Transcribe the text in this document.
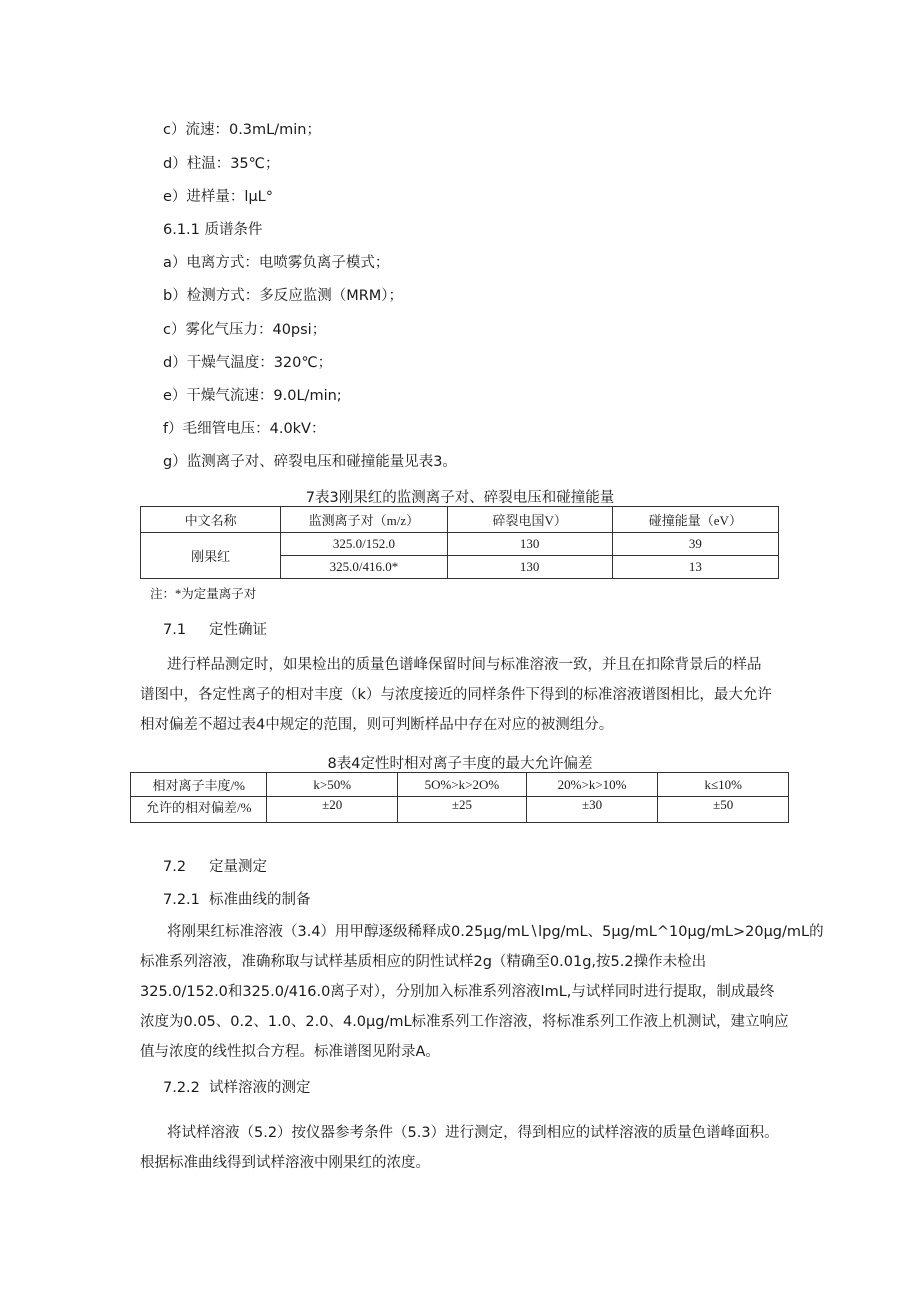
c）流速：0.3mL/min；
d）柱温：35℃；
e）进样量：lμL°
6.1.1 质谱条件
a）电离方式：电喷雾负离子模式；
b）检测方式：多反应监测（MRM）；
c）雾化气压力：40psi；
d）干燥气温度：320℃；
e）干燥气流速：9.0L/min;
f）毛细管电压：4.0kV：
g）监测离子对、碎裂电压和碰撞能量见表3。
7表3刚果红的监测离子对、碎裂电压和碰撞能量
中文名称	监测离子对（m/z）	碎裂电国V）	碰撞能量（eV）
刚果红	325.0/152.0	130	39
	325.0/416.0*	130	13
注：*为定量离子对
7.1 定性确证
进行样品测定时，如果检出的质量色谱峰保留时间与标准溶液一致，并且在扣除背景后的样品
谱图中，各定性离子的相对丰度（k）与浓度接近的同样条件下得到的标准溶液谱图相比，最大允许
相对偏差不超过表4中规定的范围，则可判断样品中存在对应的被测组分。
8表4定性时相对离子丰度的最大允许偏差
相对离子丰度/%	k>50%	5O%>k>2O%	20%>k>10%	k≤10%
允许的相对偏差/%	±20	±25	±30	±50
7.2 定量测定
7.2.1 标准曲线的制备
将刚果红标准溶液（3.4）用甲醇逐级稀释成0.25μg∕mL∖lpg/mL、5μg∕mL^10μg∕mL>20μg∕mL的
标准系列溶液，准确称取与试样基质相应的阴性试样2g（精确至0.01g,按5.2操作未检出
325.0/152.0和325.0/416.0离子对），分别加入标准系列溶液lmL,与试样同时进行提取，制成最终
浓度为0.05、0.2、1.0、2.0、4.0μg∕mL标准系列工作溶液，将标准系列工作液上机测试，建立响应
值与浓度的线性拟合方程。标准谱图见附录A。
7.2.2 试样溶液的测定
将试样溶液（5.2）按仪器参考条件（5.3）进行测定，得到相应的试样溶液的质量色谱峰面积。
根据标准曲线得到试样溶液中刚果红的浓度。
